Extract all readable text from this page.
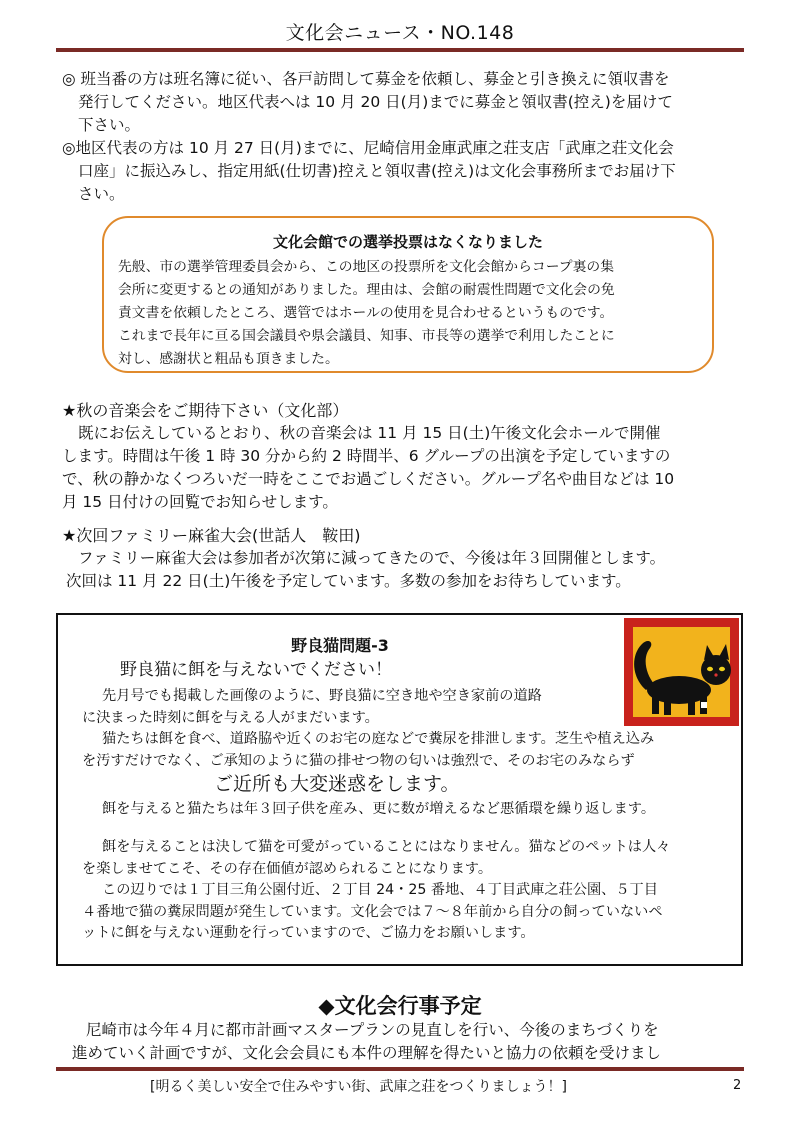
文化会ニュース・NO.148
◎ 班当番の方は班名簿に従い、各戸訪問して募金を依頼し、募金と引き換えに領収書を
発行してください。地区代表へは 10 月 20 日(月)までに募金と領収書(控え)を届けて
下さい。
◎地区代表の方は 10 月 27 日(月)までに、尼崎信用金庫武庫之荘支店「武庫之荘文化会
口座」に振込みし、指定用紙(仕切書)控えと領収書(控え)は文化会事務所までお届け下
さい。
文化会館での選挙投票はなくなりました
先般、市の選挙管理委員会から、この地区の投票所を文化会館からコープ裏の集
会所に変更するとの通知がありました。理由は、会館の耐震性問題で文化会の免
責文書を依頼したところ、選管ではホールの使用を見合わせるというものです。
これまで長年に亘る国会議員や県会議員、知事、市長等の選挙で利用したことに
対し、感謝状と粗品も頂きました。
★秋の音楽会をご期待下さい（文化部）
既にお伝えしているとおり、秋の音楽会は 11 月 15 日(土)午後文化会ホールで開催
します。時間は午後 1 時 30 分から約 2 時間半、6 グループの出演を予定していますの
で、秋の静かなくつろいだ一時をここでお過ごしください。グループ名や曲目などは 10
月 15 日付けの回覧でお知らせします。
★次回ファミリー麻雀大会(世話人　鞍田)
ファミリー麻雀大会は参加者が次第に減ってきたので、今後は年３回開催とします。
次回は 11 月 22 日(土)午後を予定しています。多数の参加をお待ちしています。
野良猫問題-3
野良猫に餌を与えないでください！
先月号でも掲載した画像のように、野良猫に空き地や空き家前の道路
に決まった時刻に餌を与える人がまだいます。
猫たちは餌を食べ、道路脇や近くのお宅の庭などで糞尿を排泄します。芝生や植え込み
を汚すだけでなく、ご承知のように猫の排せつ物の匂いは強烈で、そのお宅のみならず
ご近所も大変迷惑をします。
餌を与えると猫たちは年３回子供を産み、更に数が増えるなど悪循環を繰り返します。
餌を与えることは決して猫を可愛がっていることにはなりません。猫などのペットは人々
を楽しませてこそ、その存在価値が認められることになります。
この辺りでは１丁目三角公園付近、２丁目 24・25 番地、４丁目武庫之荘公園、５丁目
４番地で猫の糞尿問題が発生しています。文化会では７～８年前から自分の飼っていないペ
ットに餌を与えない運動を行っていますので、ご協力をお願いします。
◆文化会行事予定
尼崎市は今年４月に都市計画マスタープランの見直しを行い、今後のまちづくりを
進めていく計画ですが、文化会会員にも本件の理解を得たいと協力の依頼を受けまし
[明るく美しい安全で住みやすい街、武庫之荘をつくりましょう！]	2
